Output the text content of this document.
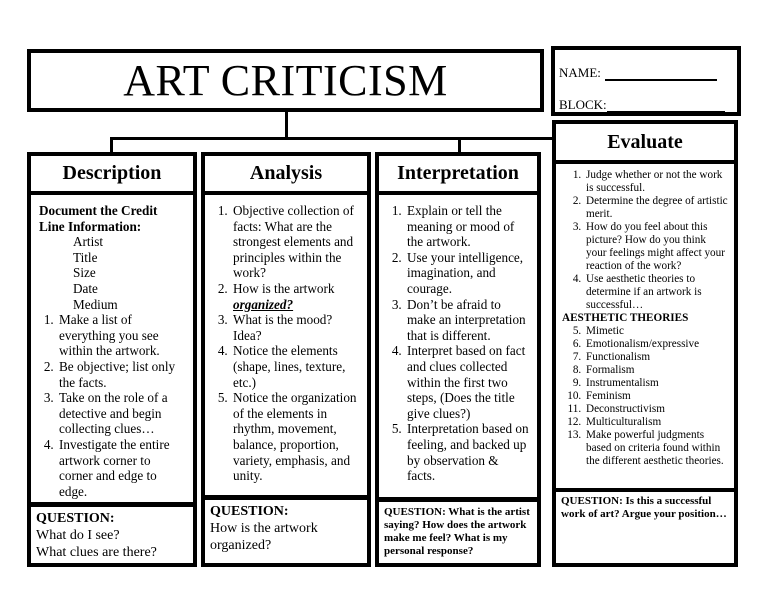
ART CRITICISM	NAME:
BLOCK:
Description
Document the Credit Line Information:
Artist
Title
Size
Date
Medium
1. Make a list of everything you see within the artwork.
2. Be objective; list only the facts.
3. Take on the role of a detective and begin collecting clues…
4. Investigate the entire artwork corner to corner and edge to edge.
QUESTION:
What do I see?
What clues are there?
Analysis
1. Objective collection of facts: What are the strongest elements and principles within the work?
2. How is the artwork organized?
3. What is the mood? Idea?
4. Notice the elements (shape, lines, texture, etc.)
5. Notice the organization of the elements in rhythm, movement, balance, proportion, variety, emphasis, and unity.
QUESTION:
How is the artwork organized?
Interpretation
1. Explain or tell the meaning or mood of the artwork.
2. Use your intelligence, imagination, and courage.
3. Don’t be afraid to make an interpretation that is different.
4. Interpret based on fact and clues collected within the first two steps, (Does the title give clues?)
5. Interpretation based on feeling, and backed up by observation & facts.
QUESTION: What is the artist saying? How does the artwork make me feel? What is my personal response?
Evaluate
1. Judge whether or not the work is successful.
2. Determine the degree of artistic merit.
3. How do you feel about this picture? How do you think your feelings might affect your reaction of the work?
4. Use aesthetic theories to determine if an artwork is successful…
AESTHETIC THEORIES
5. Mimetic
6. Emotionalism/expressive
7. Functionalism
8. Formalism
9. Instrumentalism
10. Feminism
11. Deconstructivism
12. Multiculturalism
13. Make powerful judgments based on criteria found within the different aesthetic theories.
QUESTION: Is this a successful work of art? Argue your position…
